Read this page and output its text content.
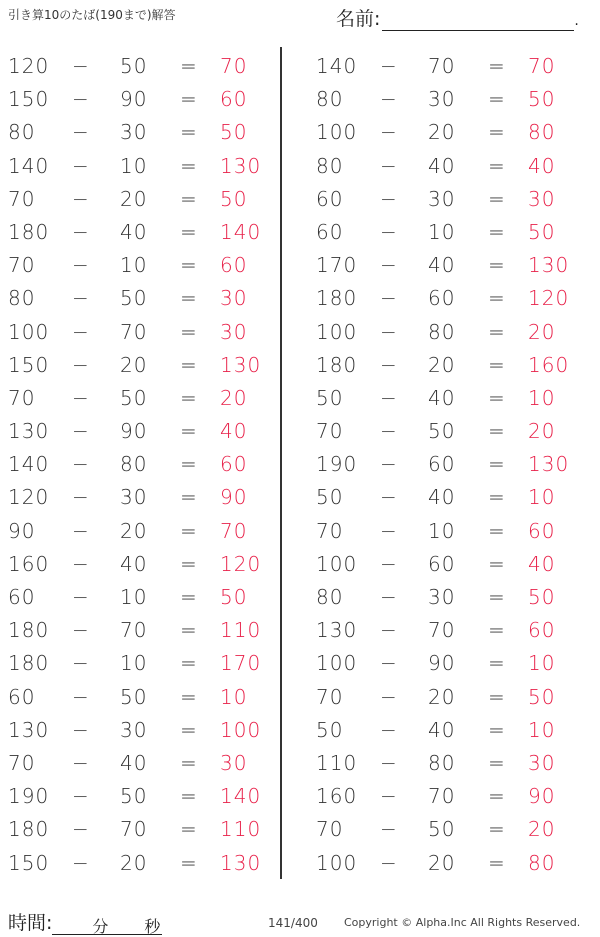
引き算10のたば(190まで)解答	名前:	.
120 − 50	= 70
150 − 90	= 60
80	− 30	= 50
140 − 10	= 130
70	− 20	= 50
180 − 40	= 140
70	− 10	= 60
80	− 50	= 30
100 − 70	= 30
150 − 20	= 130
70	− 50	= 20
130 − 90	= 40
140 − 80	= 60
120 − 30	= 90
90	− 20	= 70
160 − 40	= 120
60	− 10	= 50
180 − 70	= 110
180 − 10	= 170
60	− 50	= 10
130 − 30	= 100
70	− 40	= 30
190 − 50	= 140
180 − 70	= 110
150 − 20	= 130
140 − 70	= 70
80	− 30	= 50
100 − 20	= 80
80	− 40	= 40
60	− 30	= 30
60	− 10	= 50
170 − 40	= 130
180 − 60	= 120
100 − 80	= 20
180 − 20	= 160
50	− 40	= 10
70	− 50	= 20
190 − 60	= 130
50	− 40	= 10
70	− 10	= 60
100 − 60	= 40
80	− 30	= 50
130 − 70	= 60
100 − 90	= 10
70	− 20	= 50
50	− 40	= 10
110 − 80	= 30
160 − 70	= 90
70	− 50	= 20
100 − 20	= 80
時間:	分 秒	141/400 Copyright © Alpha.Inc All Rights Reserved.
